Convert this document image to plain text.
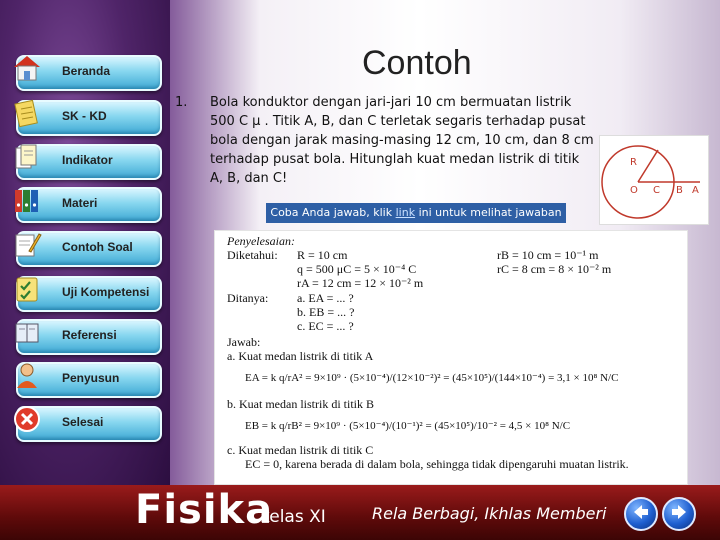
Beranda
SK - KD
Indikator
Materi
Contoh Soal
Uji Kompetensi
Referensi
Penyusun
Selesai
Contoh
1. Bola konduktor dengan jari-jari 10 cm bermuatan listrik 500 C μ . Titik A, B, dan C terletak segaris terhadap pusat bola dengan jarak masing-masing 12 cm, 10 cm, dan 8 cm terhadap pusat bola. Hitunglah kuat medan listrik di titik A, B, dan C!
R
O C B A
Coba Anda jawab, klik link ini untuk melihat jawaban
Penyelesaian:
Diketahui: R = 10 cm
q = 500 μC = 5 × 10⁻⁴ C
rA = 12 cm = 12 × 10⁻² m
rB = 10 cm = 10⁻¹ m
rC = 8 cm = 8 × 10⁻² m
Ditanya: a. EA = ... ?
b. EB = ... ?
c. EC = ... ?
Jawab:
a. Kuat medan listrik di titik A
EA = k q/rA² = 9×10⁹ · (5×10⁻⁴)/(12×10⁻²)² = (45×10⁵)/(144×10⁻⁴) = 3,1 × 10⁸ N/C
b. Kuat medan listrik di titik B
EB = k q/rB² = 9×10⁹ · (5×10⁻⁴)/(10⁻¹)² = (45×10⁵)/10⁻² = 4,5 × 10⁸ N/C
c. Kuat medan listrik di titik C
EC = 0, karena berada di dalam bola, sehingga tidak dipengaruhi muatan listrik.
Fisika
kelas XI	Rela Berbagi, Ikhlas Memberi
